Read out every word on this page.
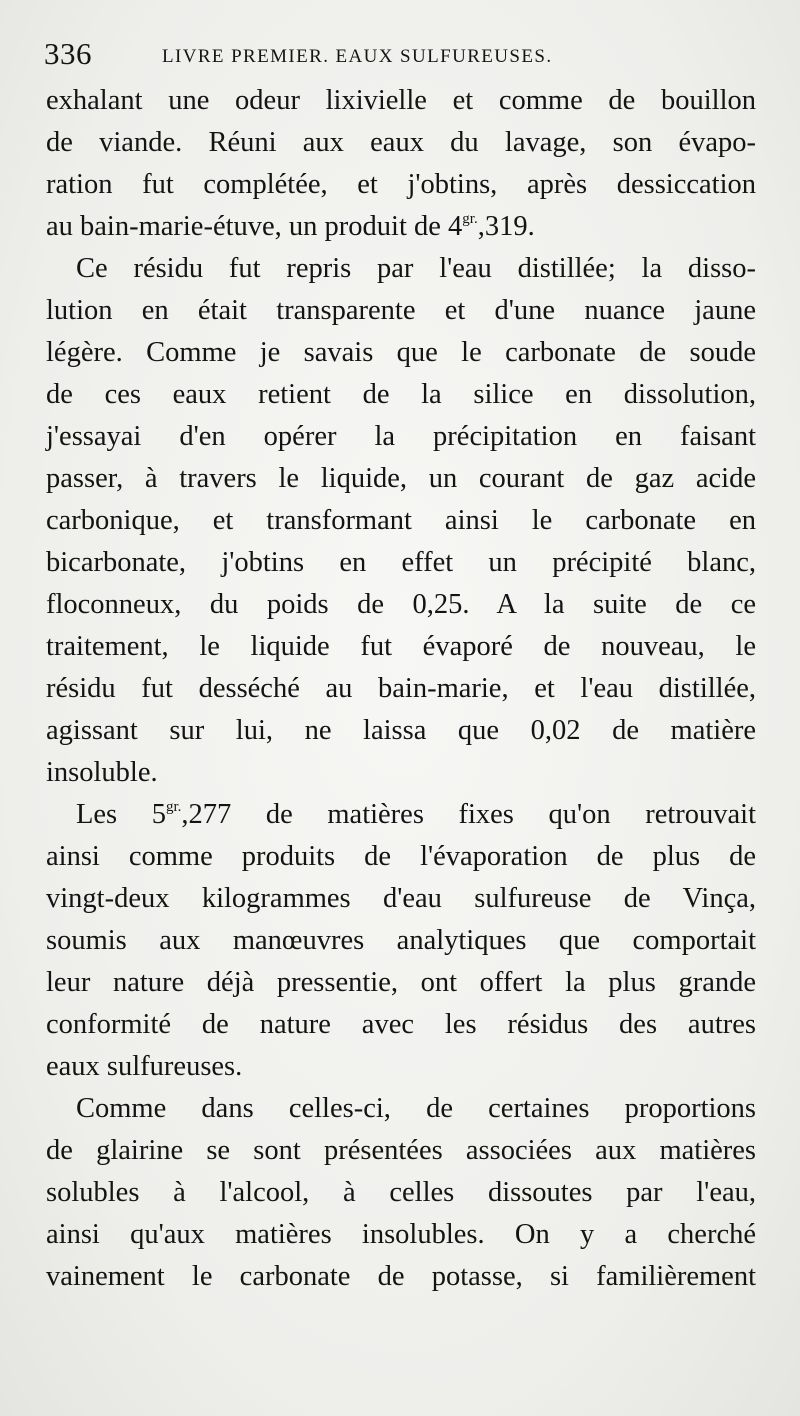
336	LIVRE PREMIER. EAUX SULFUREUSES.
exhalant une odeur lixivielle et comme de bouillon
de viande. Réuni aux eaux du lavage, son évapo-
ration fut complétée, et j'obtins, après dessiccation
au bain-marie-étuve, un produit de $4^{gr.},319$.
Ce résidu fut repris par l'eau distillée; la disso-
lution en était transparente et d'une nuance jaune
légère. Comme je savais que le carbonate de soude
de ces eaux retient de la silice en dissolution,
j'essayai d'en opérer la précipitation en faisant
passer, à travers le liquide, un courant de gaz acide
carbonique, et transformant ainsi le carbonate en
bicarbonate, j'obtins en effet un précipité blanc,
floconneux, du poids de 0,25. A la suite de ce
traitement, le liquide fut évaporé de nouveau, le
résidu fut desséché au bain-marie, et l'eau distillée,
agissant sur lui, ne laissa que 0,02 de matière
insoluble.
Les $5^{gr.},277$ de matières fixes qu'on retrouvait
ainsi comme produits de l'évaporation de plus de
vingt-deux kilogrammes d'eau sulfureuse de Vinça,
soumis aux manœuvres analytiques que comportait
leur nature déjà pressentie, ont offert la plus grande
conformité de nature avec les résidus des autres
eaux sulfureuses.
Comme dans celles-ci, de certaines proportions
de glairine se sont présentées associées aux matières
solubles à l'alcool, à celles dissoutes par l'eau,
ainsi qu'aux matières insolubles. On y a cherché
vainement le carbonate de potasse, si familièrement
